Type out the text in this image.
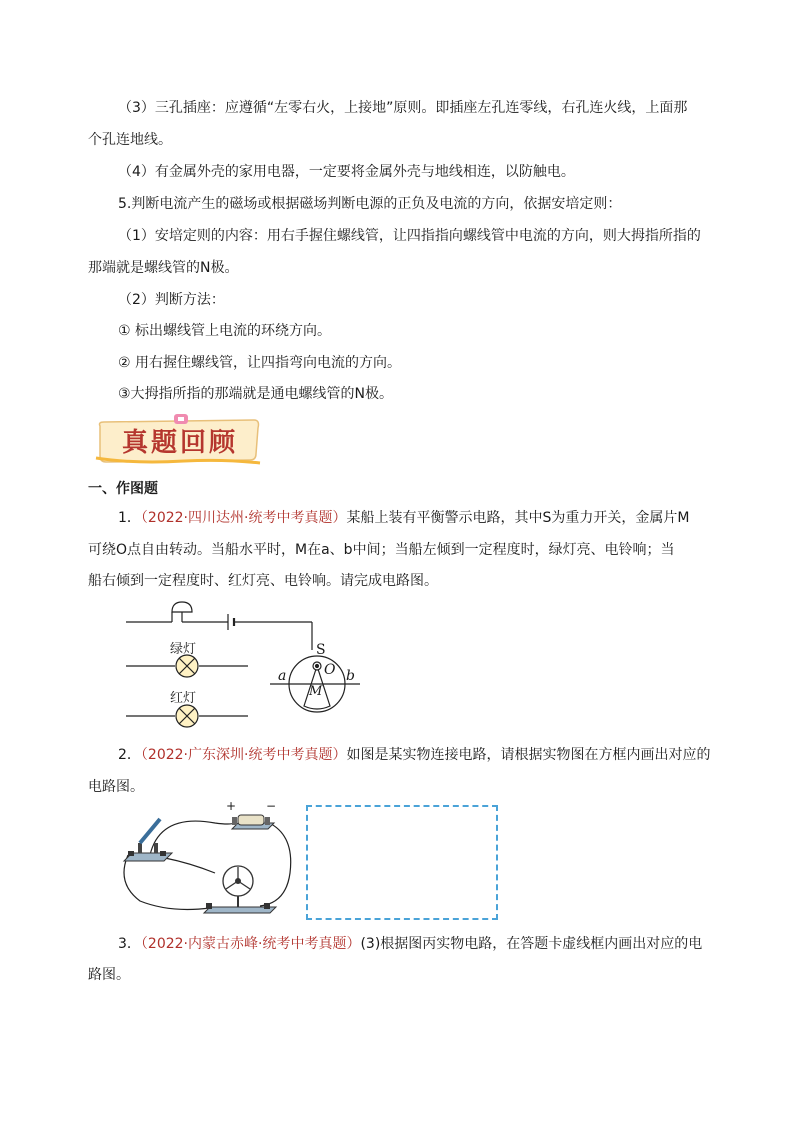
（3）三孔插座：应遵循“左零右火，上接地”原则。即插座左孔连零线，右孔连火线，上面那
个孔连地线。
（4）有金属外壳的家用电器，一定要将金属外壳与地线相连，以防触电。
5.判断电流产生的磁场或根据磁场判断电源的正负及电流的方向，依据安培定则：
（1）安培定则的内容：用右手握住螺线管，让四指指向螺线管中电流的方向，则大拇指所指的
那端就是螺线管的N极。
（2）判断方法：
① 标出螺线管上电流的环绕方向。
② 用右握住螺线管，让四指弯向电流的方向。
③大拇指所指的那端就是通电螺线管的N极。
真题回顾
一、作图题
1．（2022·四川达州·统考中考真题）某船上装有平衡警示电路，其中S为重力开关，金属片M
可绕O点自由转动。当船水平时，M在a、b中间；当船左倾到一定程度时，绿灯亮、电铃响；当
船右倾到一定程度时、红灯亮、电铃响。请完成电路图。
绿灯
红灯
S
O
a	b
M
2．（2022·广东深圳·统考中考真题）如图是某实物连接电路，请根据实物图在方框内画出对应的
电路图。
+ −
3．（2022·内蒙古赤峰·统考中考真题）(3)根据图丙实物电路，在答题卡虚线框内画出对应的电
路图。
